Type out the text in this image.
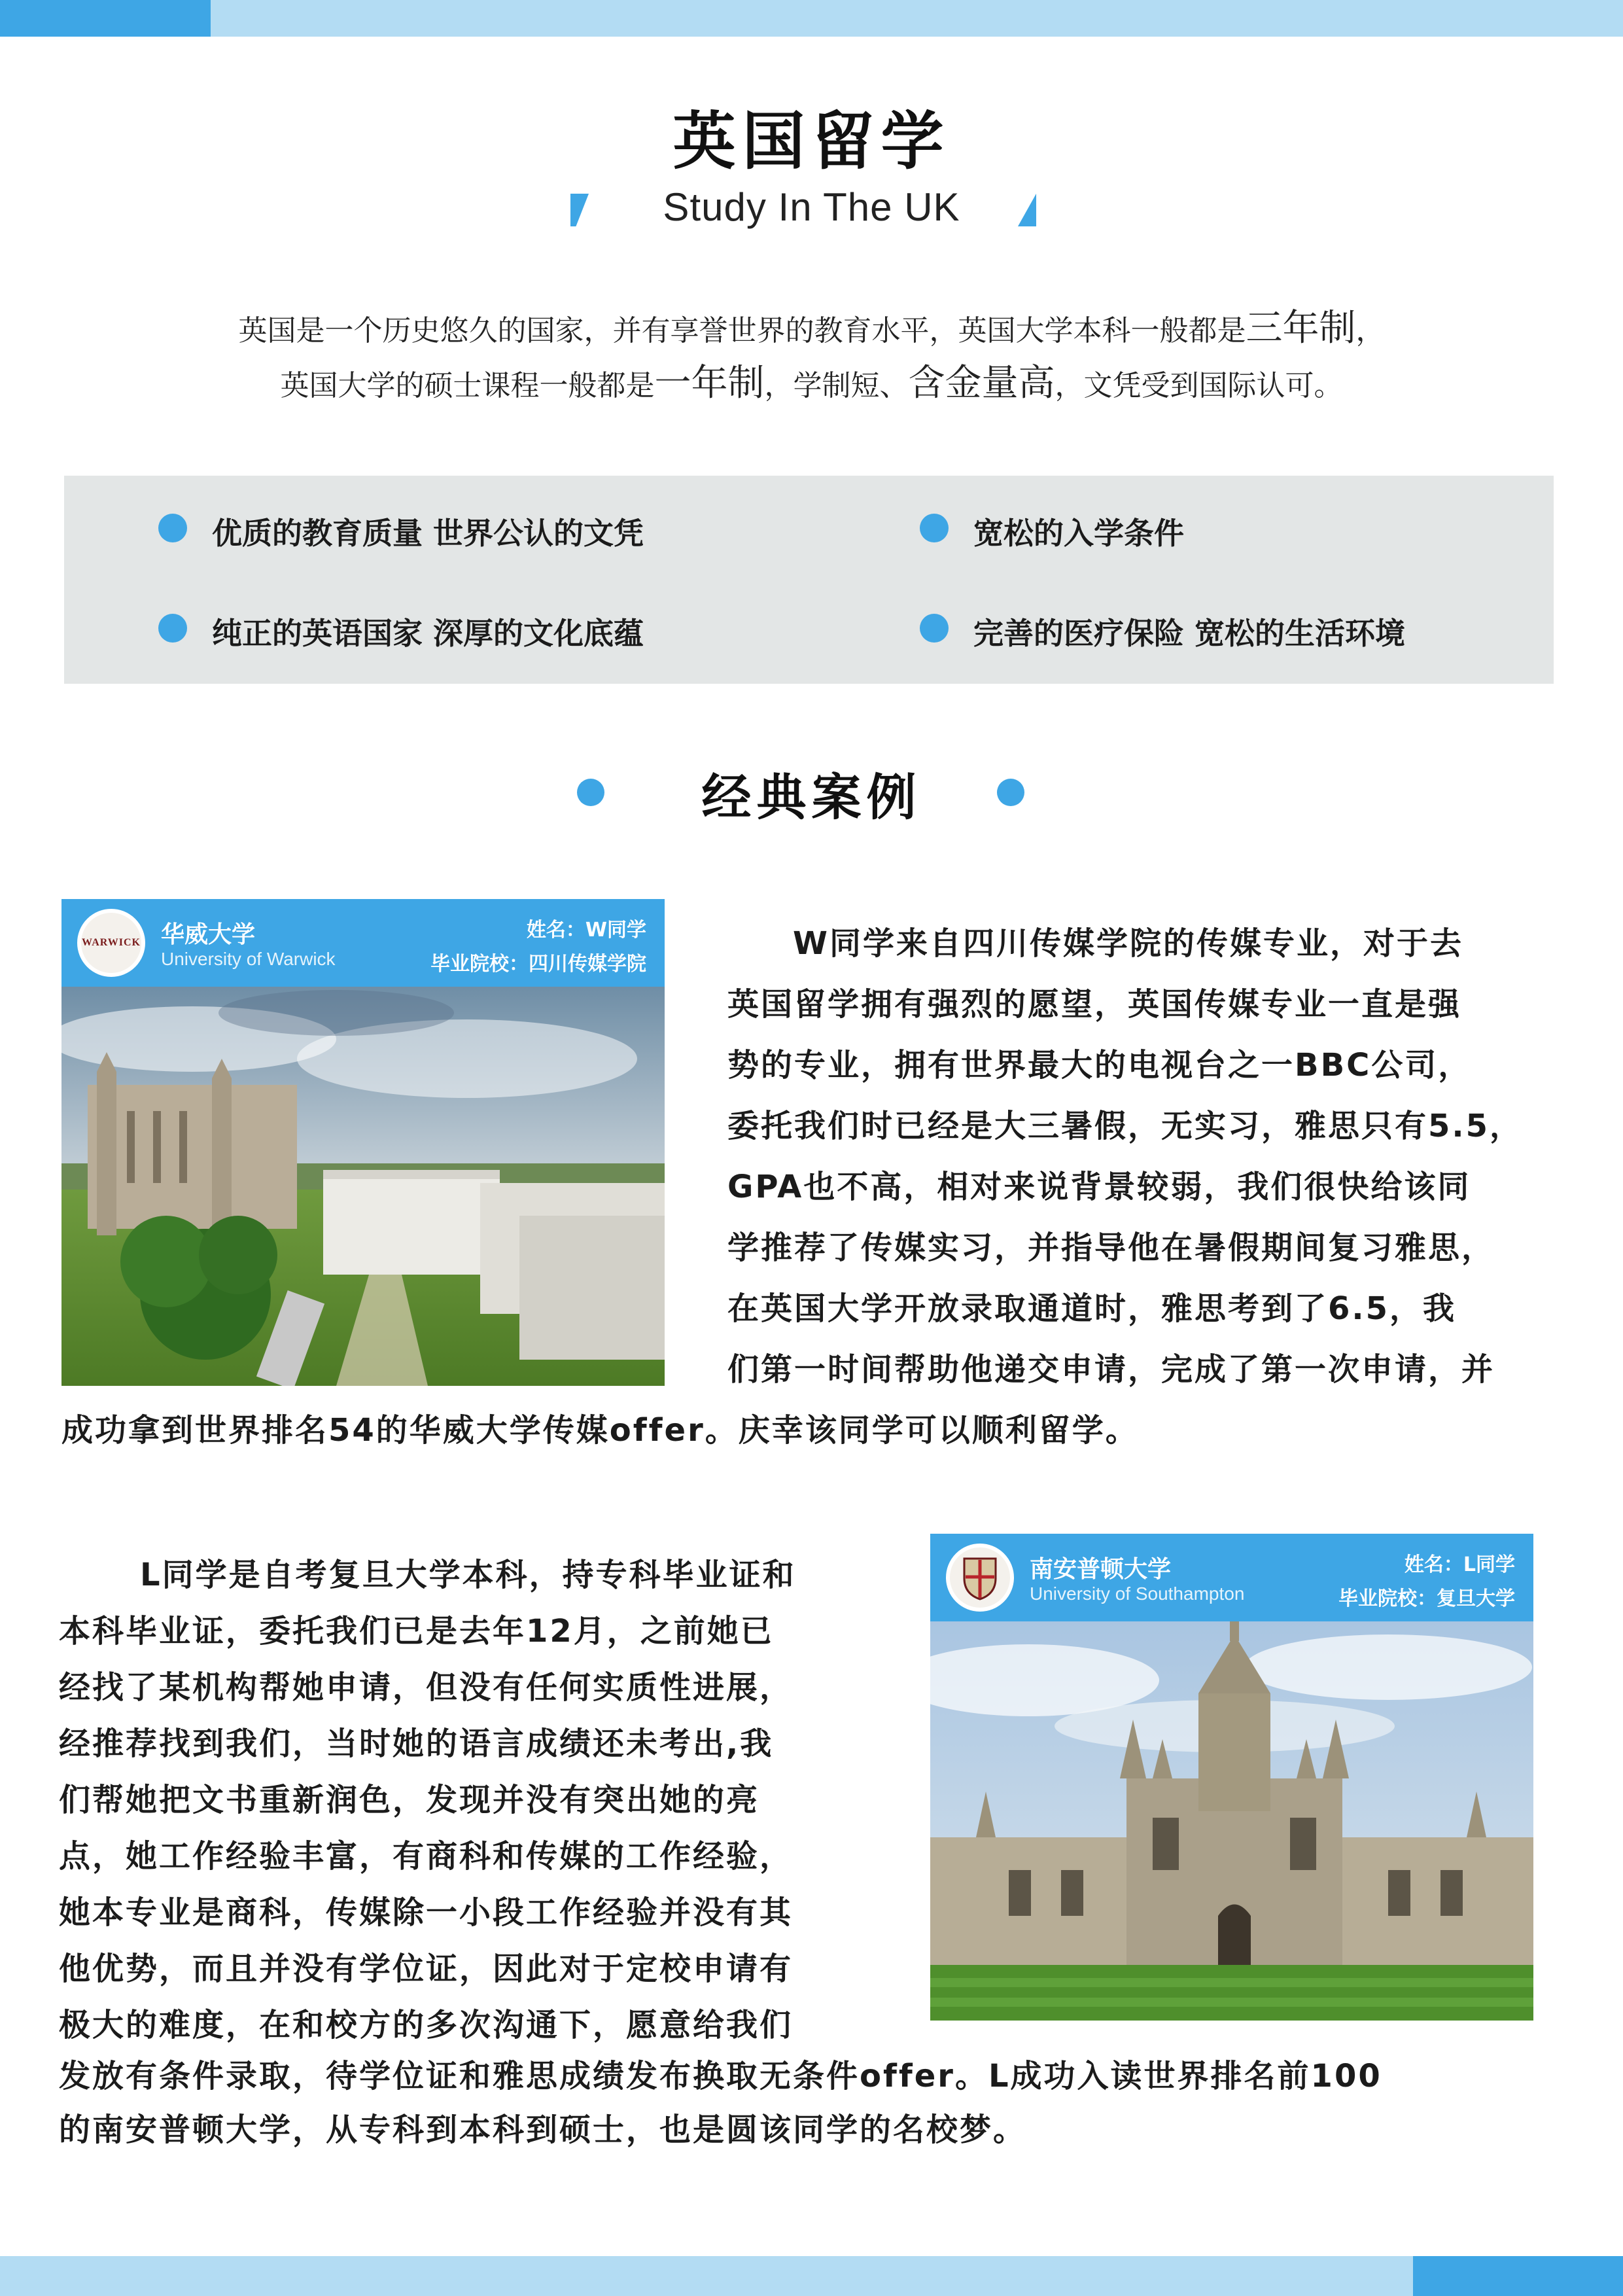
英国留学
Study In The UK
英国是一个历史悠久的国家，并有享誉世界的教育水平，英国大学本科一般都是三年制，
英国大学的硕士课程一般都是一年制，学制短、含金量高，文凭受到国际认可。
优质的教育质量 世界公认的文凭	宽松的入学条件
纯正的英语国家 深厚的文化底蕴	完善的医疗保险 宽松的生活环境
经典案例
WARWICK 华威大学
University of Warwick
姓名：W同学
毕业院校：四川传媒学院
W同学来自四川传媒学院的传媒专业，对于去
英国留学拥有强烈的愿望，英国传媒专业一直是强
势的专业，拥有世界最大的电视台之一BBC公司，
委托我们时已经是大三暑假，无实习，雅思只有5.5，
GPA也不高，相对来说背景较弱，我们很快给该同
学推荐了传媒实习，并指导他在暑假期间复习雅思，
在英国大学开放录取通道时，雅思考到了6.5，我
们第一时间帮助他递交申请，完成了第一次申请，并
成功拿到世界排名54的华威大学传媒offer。庆幸该同学可以顺利留学。
南安普顿大学
University of Southampton
姓名：L同学
毕业院校：复旦大学
L同学是自考复旦大学本科，持专科毕业证和
本科毕业证，委托我们已是去年12月，之前她已
经找了某机构帮她申请，但没有任何实质性进展，
经推荐找到我们，当时她的语言成绩还未考出,我
们帮她把文书重新润色，发现并没有突出她的亮
点，她工作经验丰富，有商科和传媒的工作经验，
她本专业是商科，传媒除一小段工作经验并没有其
他优势，而且并没有学位证，因此对于定校申请有
极大的难度，在和校方的多次沟通下，愿意给我们
发放有条件录取，待学位证和雅思成绩发布换取无条件offer。L成功入读世界排名前100
的南安普顿大学，从专科到本科到硕士，也是圆该同学的名校梦。
